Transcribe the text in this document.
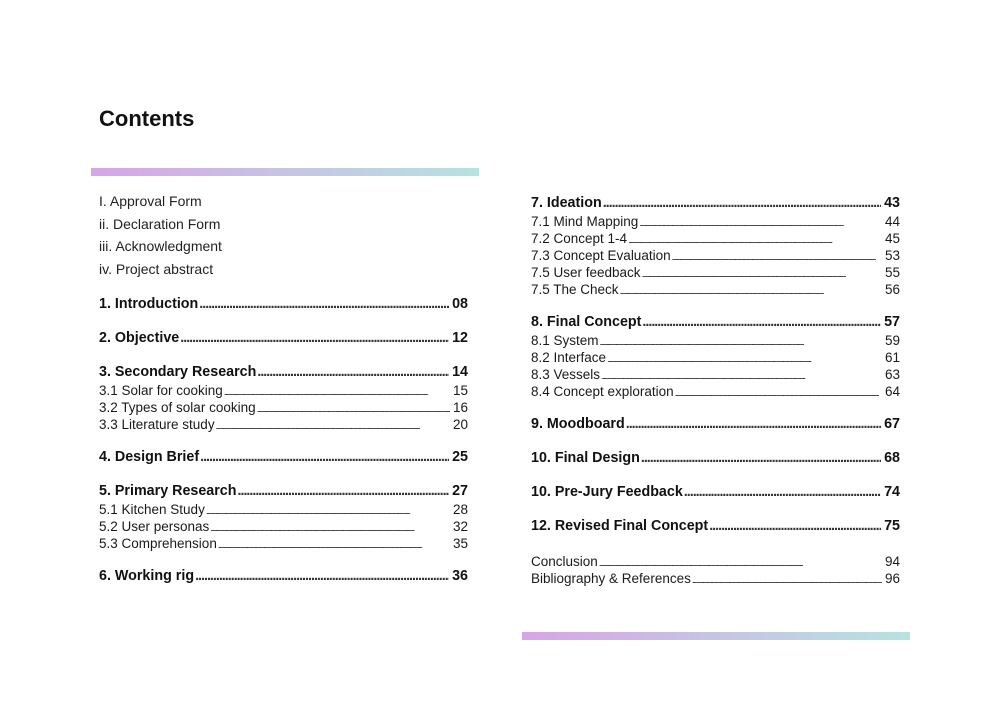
Contents
I. Approval Form
ii. Declaration Form
iii. Acknowledgment
iv. Project abstract
1. Introduction .....	08
2. Objective .....	12
3. Secondary Research .....	14
3.1 Solar for cooking .....	15
3.2 Types of solar cooking .....	16
3.3 Literature study .....	20
4. Design Brief .....	25
5. Primary Research .....	27
5.1 Kitchen Study .....	28
5.2 User personas .....	32
5.3 Comprehension .....	35
6. Working rig .....	36
7. Ideation .....	43
7.1 Mind Mapping .....	44
7.2 Concept 1-4 .....	45
7.3 Concept Evaluation .....	53
7.5 User feedback .....	55
7.5 The Check .....	56
8. Final Concept .....	57
8.1 System .....	59
8.2 Interface .....	61
8.3 Vessels .....	63
8.4 Concept exploration .....	64
9. Moodboard .....	67
10. Final Design .....	68
10. Pre-Jury Feedback .....	74
12. Revised Final Concept .....	75
Conclusion .....	94
Bibliography & References .....	96
